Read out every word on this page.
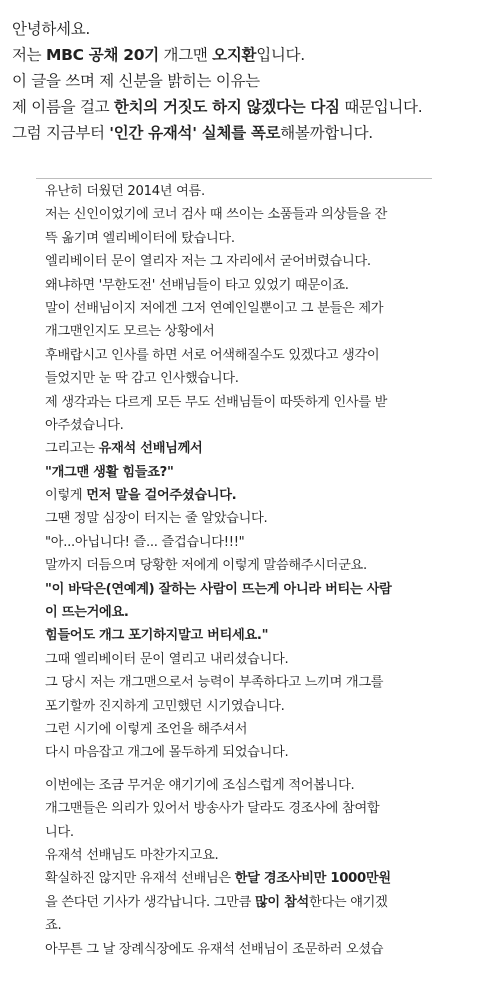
안녕하세요.
저는 MBC 공채 20기 개그맨 오지환입니다.
이 글을 쓰며 제 신분을 밝히는 이유는
제 이름을 걸고 한치의 거짓도 하지 않겠다는 다짐 때문입니다.
그럼 지금부터 '인간 유재석' 실체를 폭로해볼까합니다.
유난히 더웠던 2014년 여름.
저는 신인이었기에 코너 검사 때 쓰이는 소품들과 의상들을 잔
뜩 옮기며 엘리베이터에 탔습니다.
엘리베이터 문이 열리자 저는 그 자리에서 굳어버렸습니다.
왜냐하면 '무한도전' 선배님들이 타고 있었기 때문이죠.
말이 선배님이지 저에겐 그저 연예인일뿐이고 그 분들은 제가
개그맨인지도 모르는 상황에서
후배랍시고 인사를 하면 서로 어색해질수도 있겠다고 생각이
들었지만 눈 딱 감고 인사했습니다.
제 생각과는 다르게 모든 무도 선배님들이 따뜻하게 인사를 받
아주셨습니다.
그리고는 유재석 선배님께서
"개그맨 생활 힘들죠?"
이렇게 먼저 말을 걸어주셨습니다.
그땐 정말 심장이 터지는 줄 알았습니다.
"아...아닙니다! 즐... 즐겁습니다!!!"
말까지 더듬으며 당황한 저에게 이렇게 말씀해주시더군요.
"이 바닥은(연예계) 잘하는 사람이 뜨는게 아니라 버티는 사람
이 뜨는거에요.
힘들어도 개그 포기하지말고 버티세요."
그때 엘리베이터 문이 열리고 내리셨습니다.
그 당시 저는 개그맨으로서 능력이 부족하다고 느끼며 개그를
포기할까 진지하게 고민했던 시기였습니다.
그런 시기에 이렇게 조언을 해주셔서
다시 마음잡고 개그에 몰두하게 되었습니다.
이번에는 조금 무거운 얘기기에 조심스럽게 적어봅니다.
개그맨들은 의리가 있어서 방송사가 달라도 경조사에 참여합
니다.
유재석 선배님도 마찬가지고요.
확실하진 않지만 유재석 선배님은 한달 경조사비만 1000만원
을 쓴다던 기사가 생각납니다. 그만큼 많이 참석한다는 얘기겠
죠.
아무튼 그 날 장례식장에도 유재석 선배님이 조문하러 오셨습
